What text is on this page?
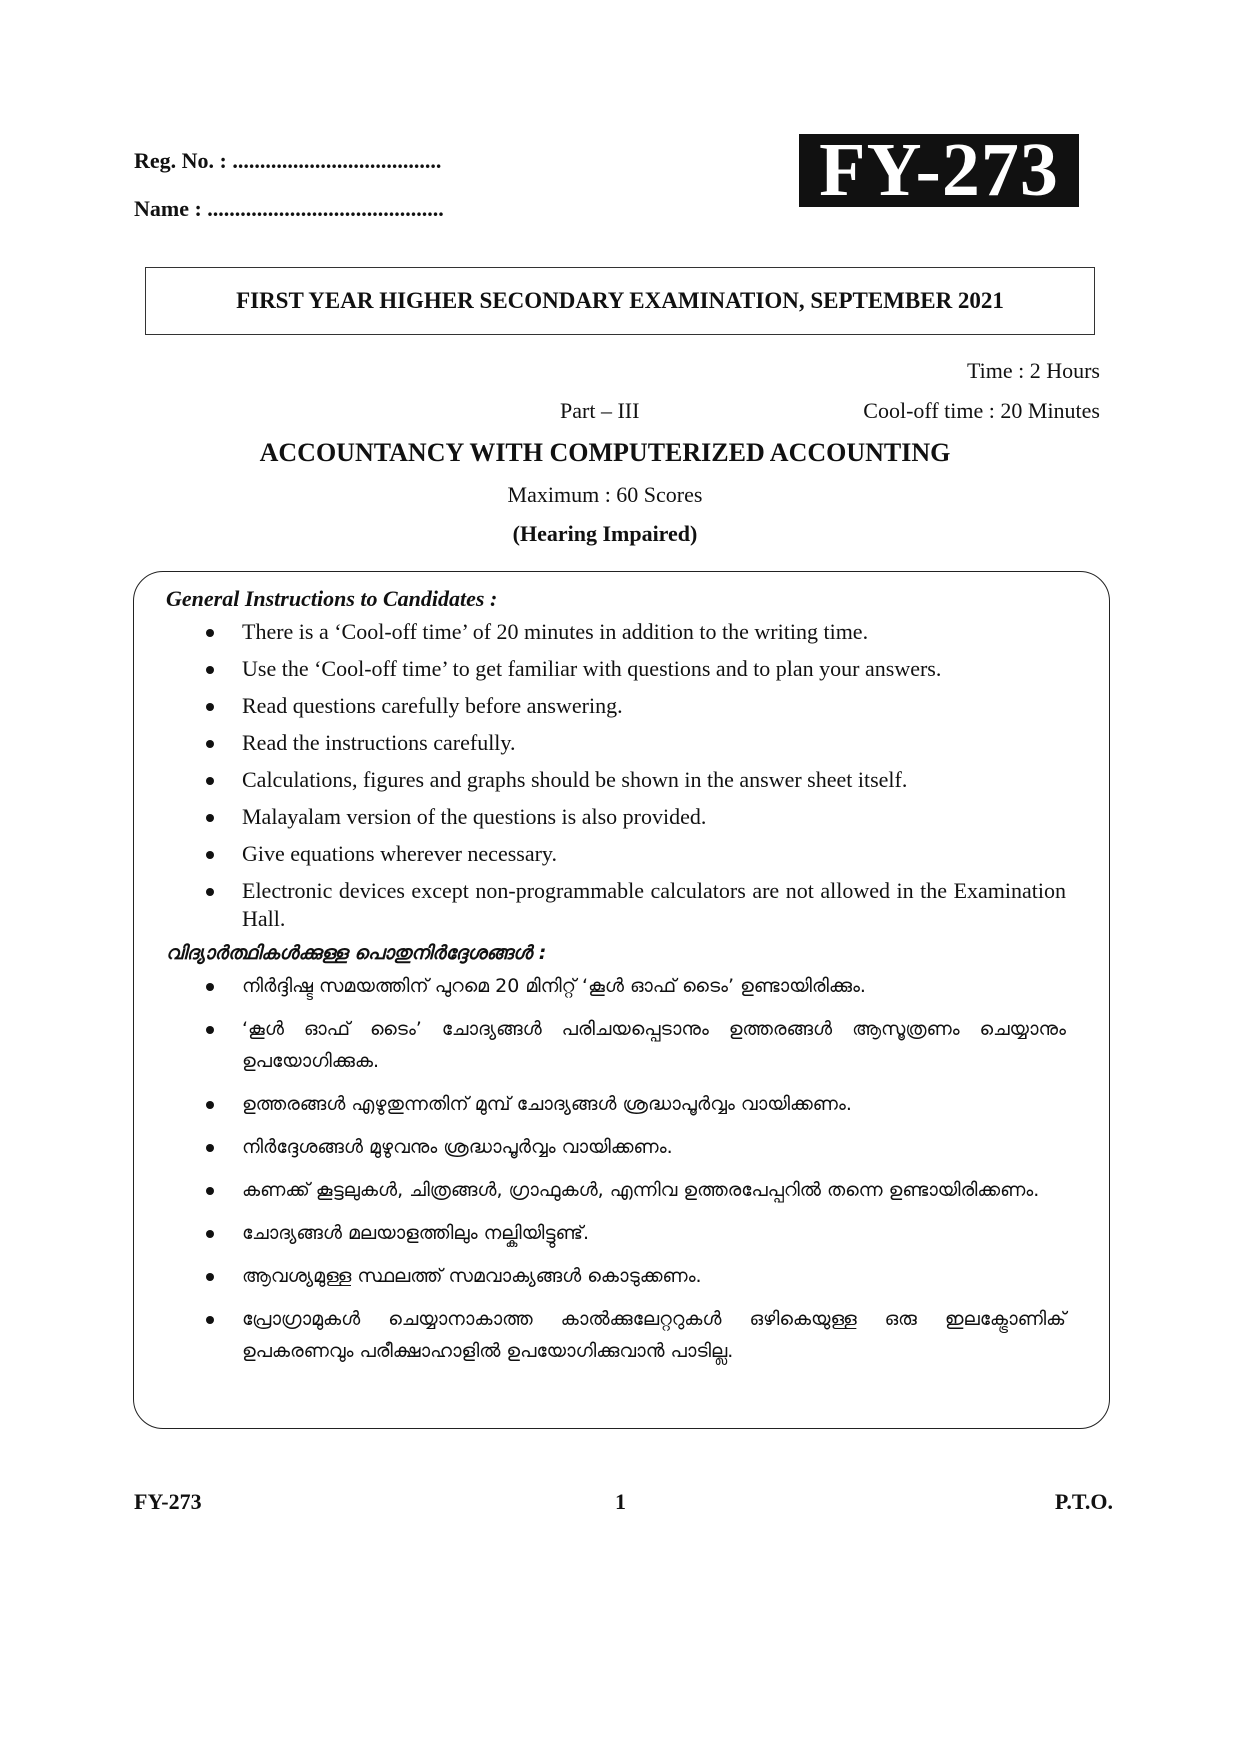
Reg. No. : ......................................
Name : ...........................................	FY-273
FIRST YEAR HIGHER SECONDARY EXAMINATION, SEPTEMBER 2021
Time : 2 Hours
Part – III	Cool-off time : 20 Minutes
ACCOUNTANCY WITH COMPUTERIZED ACCOUNTING
Maximum : 60 Scores
(Hearing Impaired)
General Instructions to Candidates :
There is a ‘Cool-off time’ of 20 minutes in addition to the writing time.
Use the ‘Cool-off time’ to get familiar with questions and to plan your answers.
Read questions carefully before answering.
Read the instructions carefully.
Calculations, figures and graphs should be shown in the answer sheet itself.
Malayalam version of the questions is also provided.
Give equations wherever necessary.
Electronic devices except non-programmable calculators are not allowed in the Examination Hall.
വിദ്യാർത്ഥികൾക്കുള്ള പൊതുനിർദ്ദേശങ്ങൾ :
നിർദ്ദിഷ്ട സമയത്തിന് പുറമെ 20 മിനിറ്റ് ‘കൂൾ ഓഫ് ടൈം’ ഉണ്ടായിരിക്കും.
‘കൂൾ ഓഫ് ടൈം’ ചോദ്യങ്ങൾ പരിചയപ്പെടാനും ഉത്തരങ്ങൾ ആസൂത്രണം ചെയ്യാനും ഉപയോഗിക്കുക.
ഉത്തരങ്ങൾ എഴുതുന്നതിന് മുമ്പ് ചോദ്യങ്ങൾ ശ്രദ്ധാപൂർവ്വം വായിക്കണം.
നിർദ്ദേശങ്ങൾ മുഴുവനും ശ്രദ്ധാപൂർവ്വം വായിക്കണം.
കണക്ക് കൂട്ടലുകൾ, ചിത്രങ്ങൾ, ഗ്രാഫുകൾ, എന്നിവ ഉത്തരപേപ്പറിൽ തന്നെ ഉണ്ടായിരിക്കണം.
ചോദ്യങ്ങൾ മലയാളത്തിലും നല്കിയിട്ടുണ്ട്.
ആവശ്യമുള്ള സ്ഥലത്ത് സമവാക്യങ്ങൾ കൊടുക്കണം.
പ്രോഗ്രാമുകൾ ചെയ്യാനാകാത്ത കാൽക്കുലേറ്ററുകൾ ഒഴികെയുള്ള ഒരു ഇലക്ട്രോണിക് ഉപകരണവും പരീക്ഷാഹാളിൽ ഉപയോഗിക്കുവാൻ പാടില്ല.
FY-273	1	P.T.O.
